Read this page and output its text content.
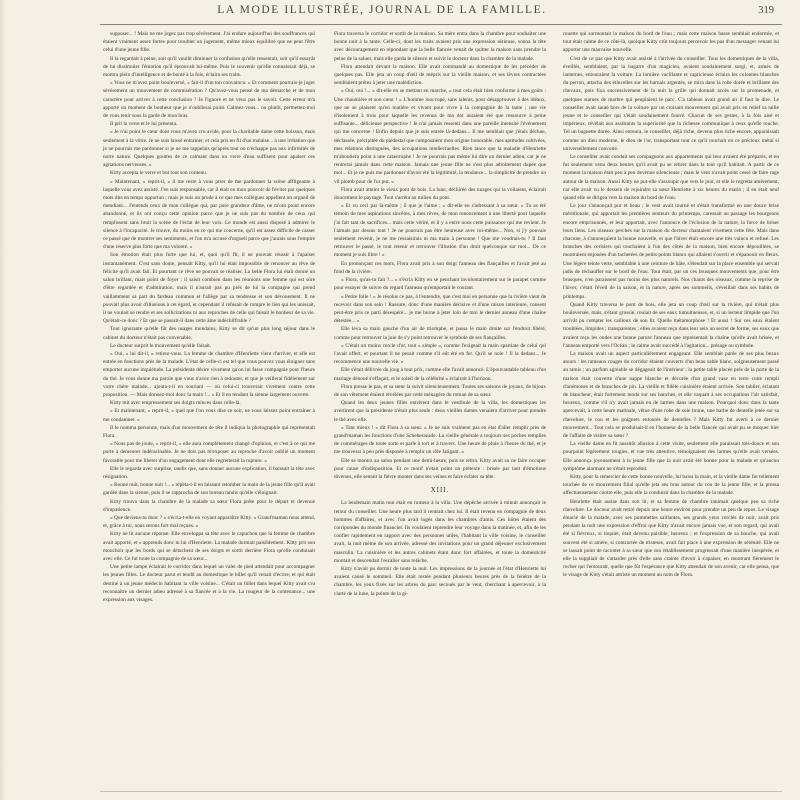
LA MODE ILLUSTRÉE, JOURNAL DE LA FAMILLE.	319

supposer... ! Mais ne me jugez pas trop sévèrement. J'ai endure aujourd'hui des souffrances qui étaient vraiment assez fortes pour troubler un jugement, même mieux équilibré que ne peut l'être celui d'une jeune fille.

Il la regardait à peine, soit qu'il voulût diminuer la confusion qu'elle ressentait, soit qu'il essayât de lui dissimuler l'émotion qu'il éprouvait lui-même. Puis le souvenir qu'elle connaissait déjà, se montra plein d'intelligence et de bonté à la fois, éclaira ses traits.

« Vous ne m'avez point bouleversé, » fait-il d'un ton convaincu. « Et comment pourrais-je juger sévèrement un mouvement de commisération ? Qu'avez-vous pensé de ma démarche et de mon caractère pour arriver à cette conclusion ? Je l'ignore et ne veux pas le savoir. Cette erreur m'a apporté un moment de bonheur que je n'oublierai point. Calmez-vous... ou plutôt, permettez-moi de vous tenir sous la garde de mon bras.

Il prit la verre et le lui présenta.

« Je n'ai point le cœur dont vous m'avez cru avide, pour la charitable dame cette boisson, mais seulement à la vôtre. Je ne suis laissé entraîner, et cela pris en fil d'un malaise... à une irritation que je ne pourrais me pardonner si je ne me rappelais qu'après tout on n'échappe pas aux infirmités de notre nature. Quelques gouttes de ce calmant dans un verre d'eau suffisent pour apaiser ces agitations nerveuses. »

Kitty accepta le verre et but tout son contenu.

« Maintenant, » reprit-il, « il me reste à vous prier de me pardonner la scène affligeante à laquelle vous avez assisté. J'en suis responsable, car il était en mon pouvoir de l'éviter par quelques mots dits en temps opportun ; mais je suis un prude à ce que mes collègues appellent un orgueil de mendiant... J'entends ceux de mon collègue qui, par pure grandeur d'âme, ne m'ont point encore abandonné, et ils ont conçu cette opinion parce que je ne suis pas du nombre de ceux qui remplissent sans bruit la scène de l'éclat de leur voix. Le monde est aussi disposé à admirer le silence à l'incapacité. Je trouve, du moins en ce qui me concerne, qu'il est assez difficile de casser ce passé que de montrer ses sentiments, et l'on m'a accusé d'orgueil parce que j'aurais sous l'empire d'une réserve plus forte que ma volonté. »

Son émotion était plus forte que lui, et, quoi qu'il fît, il ne pouvait réussir à l'apaiser instantanément. C'est sans doute, pensait Kitty, qu'il lui était impossible de renoncer au rêve de félicité qu'il avait fait. Et pourtant ce rêve ne pouvait se réaliser. La belle Flora lui était donné un salon brillant, mais point de foyer ; il saisit combien dans les réunions une femme qui est sûre d'être regardée et d'admiration, mais il n'aurait pas pu prés de lui la compagne qui prend vaillamment sa part du fardeau commun et l'allège par sa tendresse et son dévouement. Il ne pouvait plus avoir d'illusions à cet égard, et cependant il refusait de rompre le lien qui les unissait, il ne voulait se rendre et ses sollicitations ni aux reproches de celle qui faisait le bonheur de sa vie. Qu'était-ce donc ? Et que se passait-il dans cette âme indéchiffrable ?

Tout ignorante qu'elle fût des usages mondains, Kitty se dit qu'un plus long séjour dans le cabinet du docteur n'était pas convenable.

Le docteur surprit le mouvement qu'elle faisait.

« Oui, » lui dit-il, « retirez-vous. La femme de chambre d'Henriette vient d'arriver, et elle est entrée en fonctions près de la malade. L'état de celle-ci est tel que vous pouvez vous éloigner sans emporter aucune inquiétude. La présidente désire vivement qu'on lui fasse compagnie pour l'heure du thé. Je vous donne ma parole que vous n'avez rien à redouter, et que je veillerai fidèlement sur votre chère malade... ajouta-t-il en souriant — où celui-ci trouverait vivement contre cette proposition. — Mais donnez-moi donc la main !... » Et il en tendant la sienne largement ouverte.

Kitty mit avec empressement ses doigts minces dans celle-là.

« Et maintenant, » reprit-il, « quel que l'on vous dise ce soir, ne vous laissez point entraîner à me condamner. »

Il le nomma personne, mais d'un mouvement de tête il indiqua la photographie qui représentait Flora.

« Nous pas de joute, » reprit-il, « elle aura complètement changé d'opinion, et c'est à ce qui me porte à demeurer indéracinable. Je ne dois pas m'exposer au reproche d'avoir oublié un moment favorable pour me libérer d'un engagement dont elle regretterait la rupture. »

Elle le regarda avec surprise, tandis que, sans donner aucune explication, il baissait la tête avec résignation.

« Bonne nuit, bonne nuit !... » répéta-t-il en laissant retomber la main de la jeune fille qu'il avait gardée dans la sienne, puis il se rapprocha de son bureau tandis qu'elle s'éloignait.

Kitty trouva dans la chambre de la malade sa sœur Flora prête pour le départ et devenue d'impatience.

« Que deviens-tu donc ? » s'écria-t-elle en voyant apparaître Kitty. « Grand'maman nous attend, et, grâce à toi, nous serons fort mal reçues. »

Kitty ne lit aucune réponse. Elle enveloppa sa tête avec le capuchon que la femme de chambre avait apporté, et « apprends donc tu lui d'Henriette. La malade dormait paisiblement. Kitty prit son mouchoir que les bords qui se détachent de ses doigts et sortit derrière Flora qu'elle conduisait avec elle. Ce fut toute la compagnie de sa sœur...

Une petite lampe éclairait le corridor dans lequel un valet de pied attendait pour accompagner les jeunes filles. Le docteur parut et tendit au domestique le billet qu'il venait d'écrire, et qui était destiné à un jeune médecin habitant la ville voisine... C'était un billet dans lequel Kitty avait cru reconnaître un dernier adieu adressé à sa fiancée et à la vie. La rougeur de la contenance... une expression aux visages.

Flora traversa le corridor et sortit de la maison. Sa mère entra dans la chambre pour souhaiter une bonne nuit à la tante. Celle-ci, dont les traits avaient pris une expression sérieuse, sonna la tête avec découragement en répondant que la belle fiancée venait de quitter la maison sans prendre la peine de la saluer, mais elle garda le silence et suivit le docteur dans la chambre de la malade.

Flora attendait devant la maison. Elle avait commandé au domestique de les précéder de quelques pas. Elle jeta un coup d'œil de mépris sur la vieille maison, et ses lèvres contractées semblaient prêtes à jeter une malédiction.

« Oui, oui !... » dit-elle en se mettant en marche, « tout cela était bien conforme à mes goûts : Une chaumière et son cœur ! » L'homme inoccupé, sans talents, pour désapprouver à des idéaux, que ne se plaisent qu'en matière et vivant pour vivre à la compagnie de la tante ; une vie d'isolement à trois pour laquelle les revenus de ma dot auraient été que ressource à peine suffisante... délicieuse perspective ! Je n'ai jamais ressenti dans une pareille intensité l'événement qui me concerne ! Enfin depuis que je suis entrée là-dedans... Il me semblait que j'étais déchue, déclassée, précipitée du piédestal que composaient mon origine honorable, mes aptitudes cultivées, mes relations distinguées, des occupations intellectuelles. Rien tance que la maladie d'Henriette m'aboutiera point à une catastrophe ! Je ne pourrais pas même lui dire un dernier adieu, car je ne rentrerai jamais dans cette maison. Jamais une jeune fille ne s'est plus adroitement dupée que moi... Et je ne puis me pardonner d'avoir été la légitimité, la tendance... la simplicité de prendre un vil plomb pour de l'or pur. »

Flora avait atteint le vieux pont de bois. La lune, déchirée des nuages qui la voilaient, éclairait doucement le paysage. Tout s'arrêta au milieu du pont.

« Et vu ceci par là-même ; il que je l'aime ; » dit-elle en s'adressant à sa sœur. « Tu as été témoin de mes aspirations sincères, à mes rêves, de mon renoncement à une liberté pour laquelle j'ai fait tant de sacrifices... mais cette vérité, et il y a entre nous cette puissance qui me revient. Je l'aimais par dessus tout ! Je ne pourrais pas être heureuse avec toi-même... Non, si j'y pouvais seulement revenir, je ne me ressaisirais ni ma main à personne ! Que me voudrais-tu ? Il faut retrouver le passé, le tout retenir et retrouver l'illusion d'un droit quelconque sur moi... De ce moment je suis libre ! »

En prononçant ces mots, Flora avait pris à son doigt l'anneau des fiançailles et l'avait jeté au fond de la rivière.

« Flora, qu'as-tu fait ?... » s'écria Kitty en se penchant involontairement sur le parapet comme pour essayer de suivre du regard l'anneau qu'emportait le courant.

« Petite folle ! » Je résolus ce pas, à l'entendre, que c'est moi en personne que la rivière vient de recevoir dans son sein ! Rassure, donc d'une manière décisive et d'une raison intérieure, consent peut-être pris ce parti désespéré... je me borne à jeter loin de moi le dernier anneau d'une chaîne détestée... »

Elle leva sa main gauche d'un air de triomphe, et passa le main droite sur l'endroit libéré, comme pour retrouver la joie de s'y point retrouver le symbole de ses fiançailles.

« C'était un moins cercle d'or, tout « simple », comme l'exigeait la main spartiate de celui qui l'avait offert, et pourtant il ne pesait comme s'il eût été en fer. Qu'il se noie ! Il la dedans... Je recommence une nouvelle vie. »

Elle s'était délivrée du joug à tout prix, comme elle l'avait annoncé. L'épouvantable tableau d'un mariage dénoué s'effaçait, et le soleil de la célébrité « éclairait à l'horizon.

Flora presse le pas, et sa sœur la suivit silencieusement. Toutes ses saisons de joyaux, de bijoux de son vêtement étaient révélées par cette ménagère du roman de sa sœur.

Quand les deux jeunes filles entrèrent dans le vestibule de la villa, les domestiques les avertirent que la présidente n'était plus seule : deux vieilles dames venaient d'arriver pour prendre le thé avec elle.

« Tant mieux ! » dit Flora à sa sœur. « Je ne suis vraiment pas en état d'aller remplir près de grand'maman les fonctions d'une Scheherazade. La vieille générale a toujours ses poches remplies de commérages de toute sorte et parle à tort et à travers. Une heure de pluie à l'heure du thé, et je me trouverai à peu près disposée à remplir un rôle fatigant. »

Elle se montra au salon pendant une demi-heure, puis se retira. Kitty avait su ne faire occuper pour cause d'indisposition. Et ce motif n'était point un prétexte : brisée par tant d'émotions diverses, elle sentait la fièvre monter dans ses veines et faire éclater sa tête.

XIII.

La lendemain matin tout était en rumeur à la villa. Une dépêche arrivée à minuit annonçait le retour du conseiller. Une heure plus tard il rentrait chez lui. Il était revenu en compagnie de deux hommes d'affaires, et avec l'un avait logés dans les chambres d'amis. Ces hôtes étaient des corripondes du monde financier. Ils voulaient reprendre leur voyage dans la matinée, et, afin de les confier rapidement en rapport avec des personnes utiles, l'habitant la ville voisine, le conseiller avait, la nuit même de son arrivée, adressé des invitations pour un grand déjeuner exclusivement masculin. La cuisinière et les autres cabinets étant donc fort affairées, et toute la domesticité montait et descendait l'escalier sans relâche.

Kitty n'avait pu dormir de toute la nuit. Les impressions de la journée et l'état d'Henriette lui avaient causé le sommeil. Elle était restée pendant plusieurs heures près de la fenêtre de la chambre, les yeux fixés sur les arbres du parc secoués par le vent, cherchant à apercevoir, à la clarté de la lune, la pointe de la gi-

rouette qui surmontait la maison du bord de l'eau ; mais cette maison basse semblait endormie, et tout était calme de ce côté-là, quoique Kitty crût toujours percevoir les pas d'un messager venant lui apporter une mauvaise nouvelle.

C'est de ce pas que Kitty avait assisté à l'arrivée du conseiller. Tous les domestiques de la villa, éveillés, semblaient, par la bagarre d'un magicien, avaient soudainement surgi, et, armés de lanternes, entouraient la voiture. La lumière vacillante et capricieuse éclaira les colonnes blanches du perron, attacha des étincelles sur les harnais argentés, se mira dans la robe dorée et brillante des chevaux, puis fixa successivement de la nuit la grille qui donnait accès sur la promenade, et quelques statues de marbre qui peuplaient le parc. C'a tableau avait grand air il faut le dire. Le conseiller avait sauté hors de la voiture par un croisant mouvement qui avait pris en relief sa taille jeune et le conseiller qui s'était soudainement fourré. Chacun de ses gestes, à la fois aisé et impérieux, révélait aux assistants la supériorité que la richesse communique à ceux qu'elle touche. Tel un baguette dorée. Ainsi entoura, le conseiller, déjà riche, devenu plus riche encore, apparaissait comme un dieu moderne, le dieu de l'or, transportant tout ce qu'il touchait en ce précieux métal si universellement convoité.

Le conseiller avait conduit ses compagnons aux appartements qui leur avaient été préparés, et en fut seulement venu deux heures qu'il avait pu se retirer dans la tour qu'il habitait. A partir de ce moment la maison était peu à peu devenue silencieuse ; mais le vent n'avait point cessé de faire rage autour de la maison. Aussi Kitty ne put-elle s'assoupir que vers le jour, et elle le regretta amèrement, car elle avait vu le dessein de rejoindre sa sœur Henriette à six heures du matin ; il en était neuf quand elle se dirigea vers la maison du bord de l'eau.

Le jour s'annonçait pur et beau ; le vent avait tourné et s'était transformé en une douce brise méridionale, qui apportait les premières senteurs du printemps, caressait au passage les bourgeons encore emprisonnés, et leur apportait, avec l'annonce de l'éclosion de la nature, la force de briser leurs liens. Les oiseaux perchés sur la maison du docteur chantaient vivement cette fête. Mais dans chacune, à s'annonçaient la bonne nouvelle, et que l'hiver était encore une très vaincu et refusé. Les branches des cerisiers qui touchaient à l'un des côtés de la maison, bien encore dépouillées, se montraient enjouées d'un tachetées de petits points blancs qui allaient s'ouvrir et s'épanouir en fleurs. Une légère teinte verte, semblable à une ceinture de hâte, s'étendait sur la place ensemble qui servait jadis de réchauffer sur le bord de l'eau. Tout était, par un ces brusques mouvements que, pour être brusques, n'en paraissent pas moins des plus naturels. Nos chants des oiseaux, comme la reprise de l'hiver, c'était l'éveil de la saison, et la nature, après ses sommeils, s'éveillait dans ses habits de printemps.

Quand Kitty traversa le pont de bois, elle jeta un coup d'œil sur la rivière, qui n'était plus bouleversée, mais, s'étant grossie, roulait de ses eaux tumultueuses, et, si un lecteur limpide que l'on arrivât pu compter les cailloux de son lit. Quelle métamorphose ! Et aussi ! Sur ces eaux étaient troublées, limpides ; transparentes ; elles avaient reçu dans leur sein un secret de forme, ses eaux que avaient reçu les ondes une bonne parure l'anneau que représentait la chaîne qu'elle avait brisée, et l'anneau emporté vers l'Océan ; le calme avait succédé à l'agitation... présage ou symbole.

La maison avait un aspect particulièrement engageant. Elle semblait parée de ses plus beaux atours : les rameaux rouges du corridor étaient couverts d'un beau sable blanc, soigneusement passé au tamis ; un parfum agréable se dégageait de l'intérieur ; la petite table placée près de la porte de la maison était couverte d'une nappe blanche et décorée d'un grand vase en terre cuite rempli d'anémones et de branches de pin. La vieille et fidèle cuisinière étaient arrivée. Son tablier, éclatant de blancheur, était fortement tendu sur ses hanches, et elle vaquait à ses occupations l'air satisfait, heureux, comme s'il n'y avait jamais eu de larmes dans une maison. Pourquoi donc dans la tante apercevait, à cette heure matinale, vêtue d'une robe de soie brune, une barbe de dentelle jetée sur sa chevelure, le cou et les poignets entourés de dentelles ? Mais Kitty fut averti à ce dernier mouvement... Tout cela se produisait-il en l'honneur de la belle fiancée qui avait pu se moquer hier de l'affaire de visiter sa sœur ?

La vieille dame en fit aussitôt allusion à cette visite, seulement elle paraissait très-douce et son pourpoint légèrement rougies, et vue très attentive, témoignaient des larmes qu'elle avait versées. Elle annonça joyeusement à la jeune fille que la nuit avait été bonne pour la malade et qu'aucun symptôme alarmant ne s'était reproduit.

Kitty, pour la remercier de cette bonne nouvelle, lui baisa la main, et la vieille dame fut tellement touchée de ce mouvement filial qu'elle jeta ses bras autour du cou de la jeune fille, et la pressa affectueusement contre elle, puis elle la conduisit dans la chambre de la malade.

Henriette était assise dans son lit, et sa femme de chambre ranimait quelque peu sa riche chevelure. Le docteur avait retiré depuis une heure environ pour prendre un peu de repos. Le visage émacié de la malade, avec ses pommettes saillantes, ses grands yeux cerclés de noir, avait pris pendant la nuit une expression d'effroi que Kitty n'avait encore jamais vue, et son regard, qui avait été si fiévreux, si inquiet, était devenu paisible, heureux ; et l'expression de sa bouche, qui avait souvent été si amère, si contractée de tristesse, avait fait place à une expression de sérénité. Elle ne se lassait point de raconter à sa sœur que son rétablissement progressait d'une manière inespérée, et elle la suppliait de s'attarder près d'elle sans crainte d'avoir à s'apaiser, en montrant fièrement le rocher qui l'entourait, quelle que fût l'espérance que Kitty attendait de son avenir, car elle pensa, que le visage de Kitty s'était attristé un moment au nom de Flora.
